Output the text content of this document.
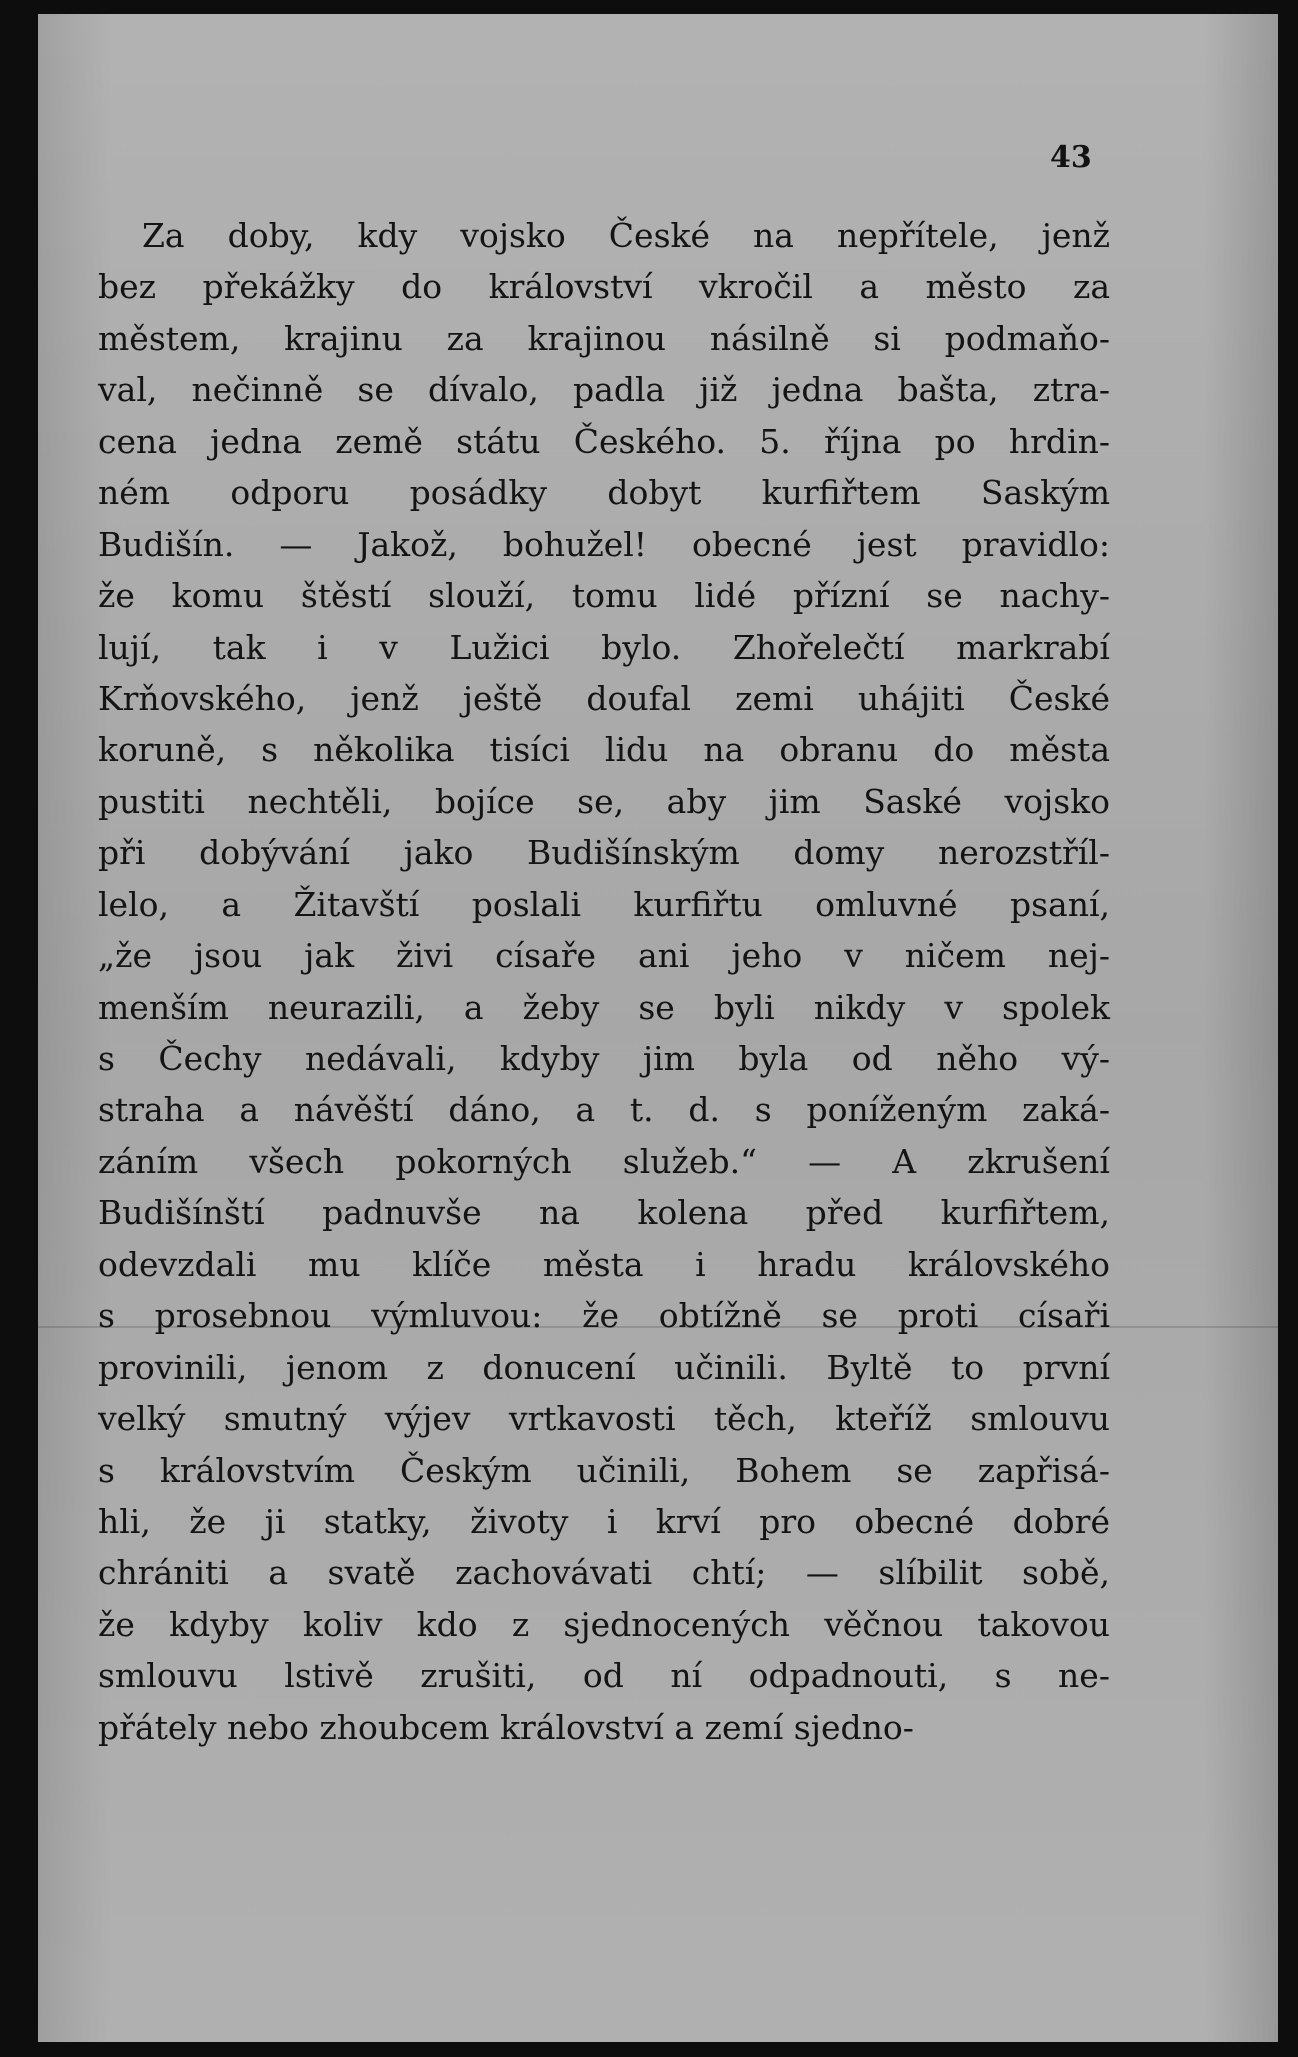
43

Za doby, kdy vojsko České na nepřítele, jenž
bez překážky do království vkročil a město za
městem, krajinu za krajinou násilně si podmaňo-
val, nečinně se dívalo, padla již jedna bašta, ztra-
cena jedna země státu Českého. 5. října po hrdin-
ném odporu posádky dobyt kurfiřtem Saským
Budišín. — Jakož, bohužel! obecné jest pravidlo:
že komu štěstí slouží, tomu lidé přízní se nachy-
lují, tak i v Lužici bylo. Zhořelečtí markrabí
Krňovského, jenž ještě doufal zemi uhájiti České
koruně, s několika tisíci lidu na obranu do města
pustiti nechtěli, bojíce se, aby jim Saské vojsko
při dobývání jako Budišínským domy nerozstříl-
lelo, a Žitavští poslali kurfiřtu omluvné psaní,
„že jsou jak živi císaře ani jeho v ničem nej-
menším neurazili, a žeby se byli nikdy v spolek
s Čechy nedávali, kdyby jim byla od něho vý-
straha a návěští dáno, a t. d. s poníženým zaká-
záním všech pokorných služeb.“ — A zkrušení
Budišínští padnuvše na kolena před kurfiřtem,
odevzdali mu klíče města i hradu královského
s prosebnou výmluvou: že obtížně se proti císaři
provinili, jenom z donucení učinili. Byltě to první
velký smutný výjev vrtkavosti těch, kteříž smlouvu
s královstvím Českým učinili, Bohem se zapřisá-
hli, že ji statky, životy i krví pro obecné dobré
chrániti a svatě zachovávati chtí; — slíbilit sobě,
že kdyby koliv kdo z sjednocených věčnou takovou
smlouvu lstivě zrušiti, od ní odpadnouti, s ne-
přátely nebo zhoubcem království a zemí sjedno-
